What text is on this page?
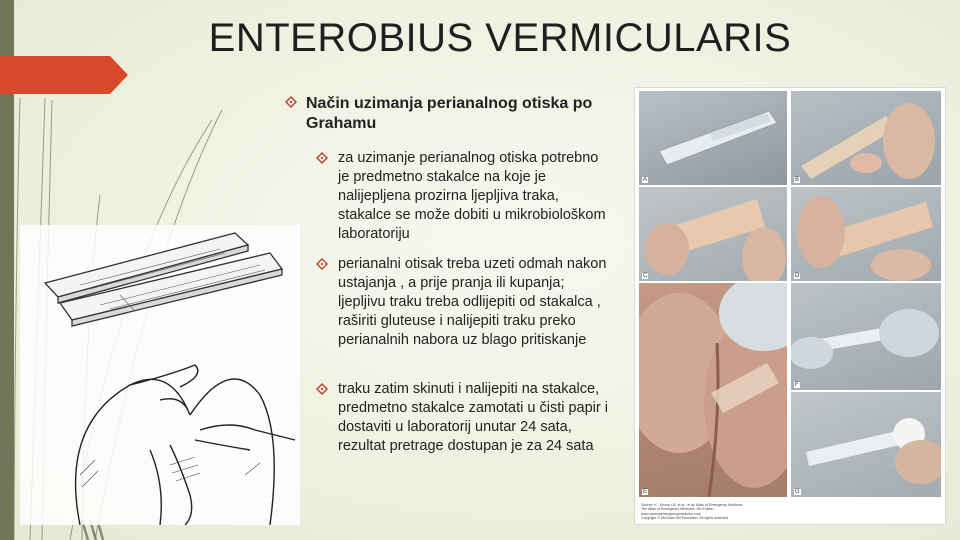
ENTEROBIUS VERMICULARIS
Način uzimanja perianalnog otiska po Grahamu
za uzimanje perianalnog otiska potrebno je predmetno stakalce na koje je nalijepljena prozirna ljepljiva traka, stakalce se može dobiti u mikrobiološkom laboratoriju
perianalni otisak treba uzeti odmah nakon ustajanja , a prije pranja ili kupanja; ljepljivu traku treba odlijepiti od stakalca , raširiti gluteuse i nalijepiti traku preko perianalnih nabora uz blago pritiskanje
traku zatim skinuti i nalijepiti na stakalce, predmetno stakalce zamotati u čisti papir i dostaviti u laboratorij unutar 24 sata, rezultat pretrage dostupan je za 24 sata
A	B
C	D
E
F
G
Source: K., Knoop LB, et al., et al: Atlas of Emergency Medicine,
The Atlas of Emergency Medicine, 4th Edition,
www.accessemergencymedicine.com
Copyright © McGraw-Hill Education. All rights reserved.
